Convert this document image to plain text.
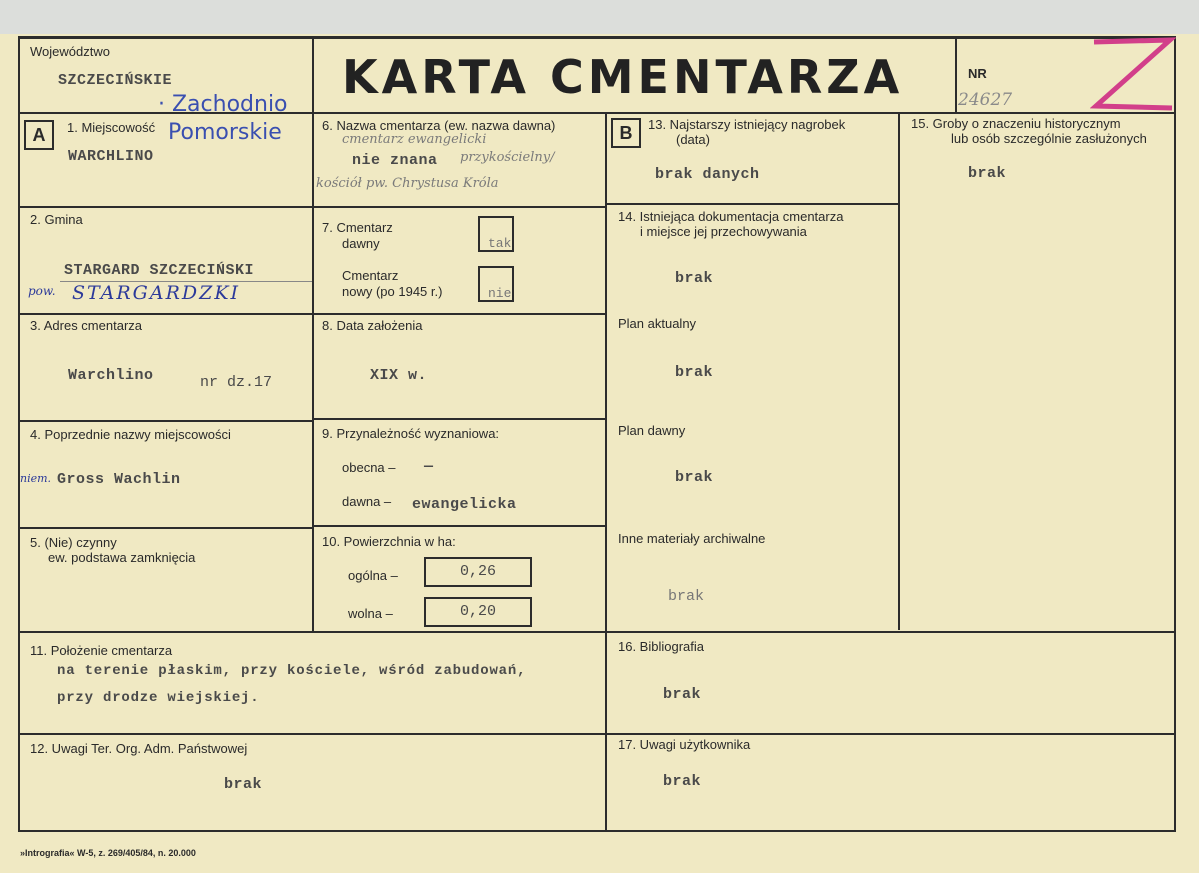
Województwo
SZCZECIŃSKIE
· Zachodnio
Pomorskie
KARTA CMENTARZA	NR
24627
A	1. Miejscowość
WARCHLINO
2. Gmina
STARGARD SZCZECIŃSKI
pow. STARGARDZKI
3. Adres cmentarza
Warchlino	nr dz.17
4. Poprzednie nazwy miejscowości
niem. Gross Wachlin
5. (Nie) czynny
ew. podstawa zamknięcia
6. Nazwa cmentarza (ew. nazwa dawna)
cmentarz ewangelicki
nie znana przykościelny/
kościół pw. Chrystusa Króla
7. Cmentarz
dawny	tak
Cmentarz
nowy (po 1945 r.)	nie
8. Data założenia
XIX w.
9. Przynależność wyznaniowa:
obecna – —
dawna – ewangelicka
10. Powierzchnia w ha:
ogólna –	0,26
wolna –	0,20
11. Położenie cmentarza
na terenie płaskim, przy kościele, wśród zabudowań,
przy drodze wiejskiej.
12. Uwagi Ter. Org. Adm. Państwowej
brak
B	13. Najstarszy istniejący nagrobek
(data)
brak danych
14. Istniejąca dokumentacja cmentarza
i miejsce jej przechowywania
brak
Plan aktualny
brak
Plan dawny
brak
Inne materiały archiwalne
brak
15. Groby o znaczeniu historycznym
lub osób szczególnie zasłużonych
brak
16. Bibliografia
brak
17. Uwagi użytkownika
brak
»Intrografia« W-5, z. 269/405/84, n. 20.000
